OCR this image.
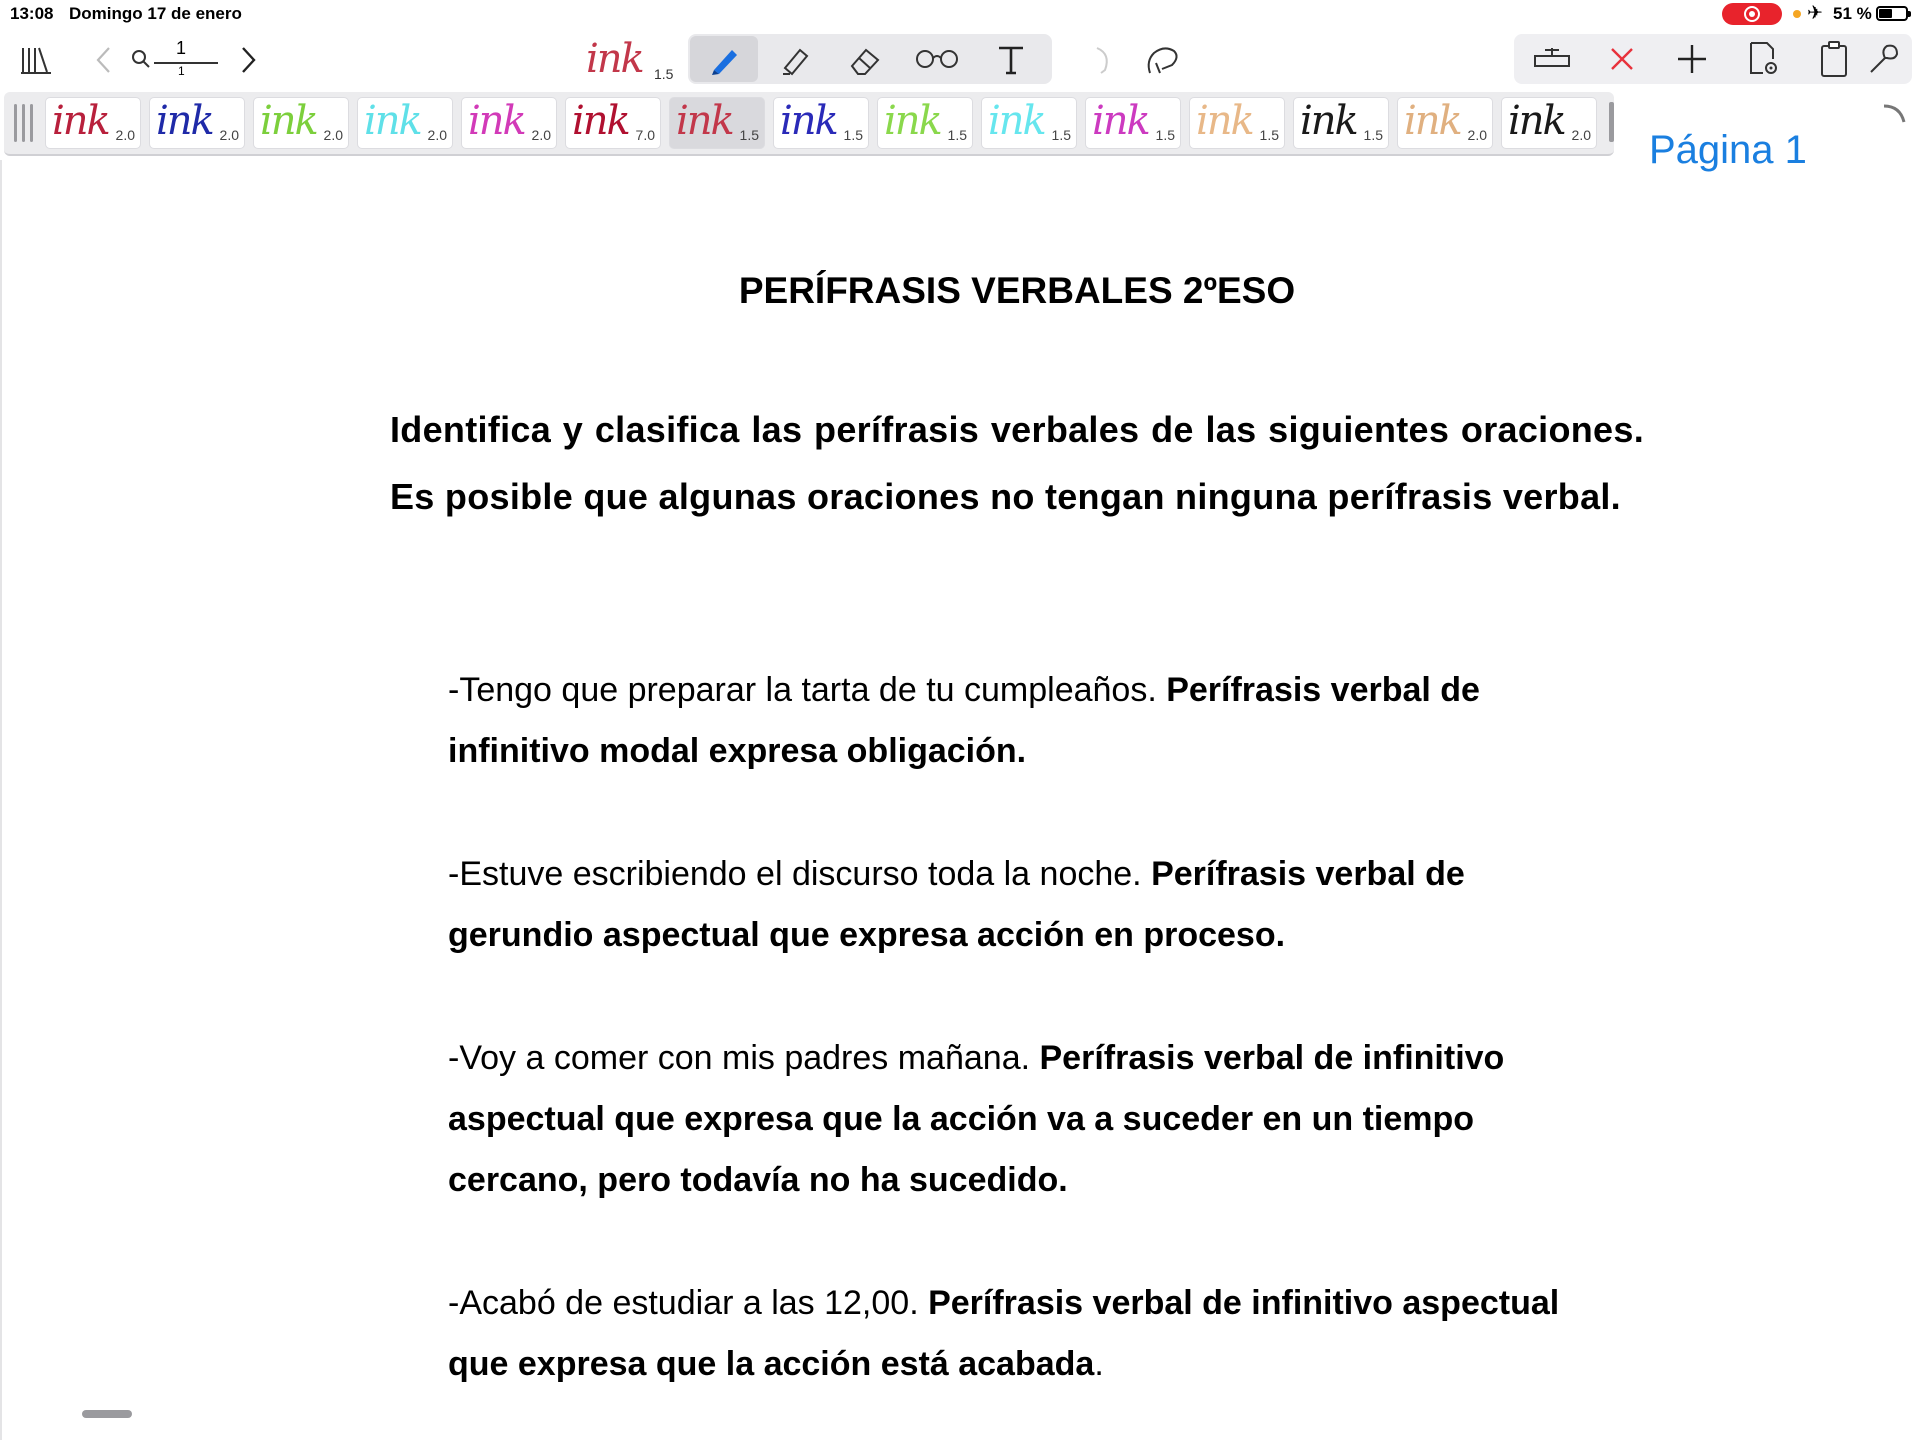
13:08 Domingo 17 de enero	✈ 51 %
1
1	ink 1.5
ink 2.0 ink 2.0 ink 2.0 ink 2.0 ink 2.0 ink 7.0 ink 1.5 ink 1.5 ink 1.5 ink 1.5 ink 1.5 ink 1.5 ink 1.5 ink 2.0 ink 2.0 Página 1
PERÍFRASIS VERBALES 2ºESO
Identifica y clasifica las perífrasis verbales de las siguientes oraciones. Es posible que algunas oraciones no tengan ninguna perífrasis verbal.
-Tengo que preparar la tarta de tu cumpleaños. Perífrasis verbal de infinitivo modal expresa obligación.
-Estuve escribiendo el discurso toda la noche. Perífrasis verbal de gerundio aspectual que expresa acción en proceso.
-Voy a comer con mis padres mañana. Perífrasis verbal de infinitivo aspectual que expresa que la acción va a suceder en un tiempo cercano, pero todavía no ha sucedido.
-Acabó de estudiar a las 12,00. Perífrasis verbal de infinitivo aspectual que expresa que la acción está acabada.
